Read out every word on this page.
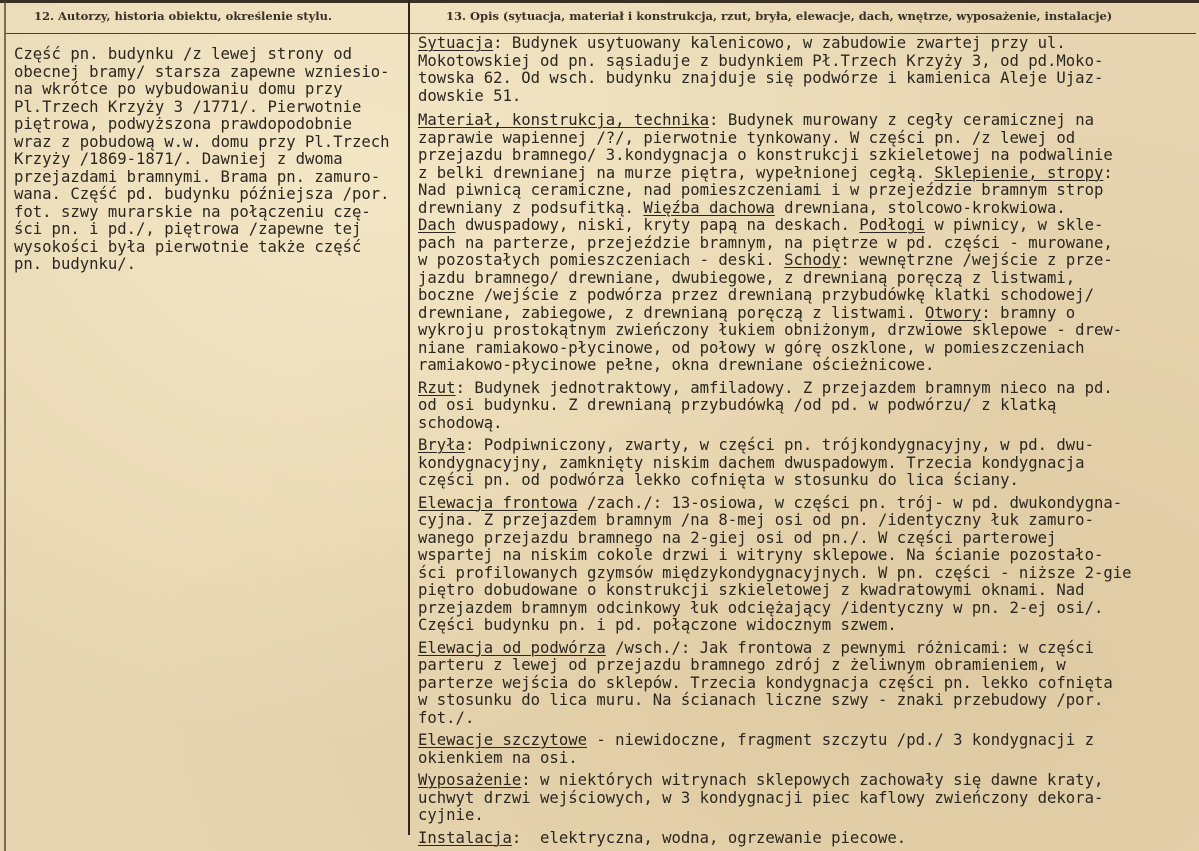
12. Autorzy, historia obiektu, określenie stylu.	13. Opis (sytuacja, materiał i konstrukcja, rzut, bryła, elewacje, dach, wnętrze, wyposażenie, instalacje)
Część pn. budynku /z lewej strony od
obecnej bramy/ starsza zapewne wzniesio-
na wkrótce po wybudowaniu domu przy
Pl.Trzech Krzyży 3 /1771/. Pierwotnie
piętrowa, podwyższona prawdopodobnie
wraz z pobudową w.w. domu przy Pl.Trzech
Krzyży /1869-1871/. Dawniej z dwoma
przejazdami bramnymi. Brama pn. zamuro-
wana. Część pd. budynku późniejsza /por.
fot. szwy murarskie na połączeniu czę-
ści pn. i pd./, piętrowa /zapewne tej
wysokości była pierwotnie także część
pn. budynku/.
Sytuacja: Budynek usytuowany kalenicowo, w zabudowie zwartej przy ul.
Mokotowskiej od pn. sąsiaduje z budynkiem Pł.Trzech Krzyży 3, od pd.Moko-
towska 62. Od wsch. budynku znajduje się podwórze i kamienica Aleje Ujaz-
dowskie 51.
Materiał, konstrukcja, technika: Budynek murowany z cegły ceramicznej na
zaprawie wapiennej /?/, pierwotnie tynkowany. W części pn. /z lewej od
przejazdu bramnego/ 3.kondygnacja o konstrukcji szkieletowej na podwalinie
z belki drewnianej na murze piętra, wypełnionej cegłą. Sklepienie, stropy:
Nad piwnicą ceramiczne, nad pomieszczeniami i w przejeździe bramnym strop
drewniany z podsufitką. Więźba dachowa drewniana, stolcowo-krokwiowa.
Dach dwuspadowy, niski, kryty papą na deskach. Podłogi w piwnicy, w skle-
pach na parterze, przejeździe bramnym, na piętrze w pd. części - murowane,
w pozostałych pomieszczeniach - deski. Schody: wewnętrzne /wejście z prze-
jazdu bramnego/ drewniane, dwubiegowe, z drewnianą poręczą z listwami,
boczne /wejście z podwórza przez drewnianą przybudówkę klatki schodowej/
drewniane, zabiegowe, z drewnianą poręczą z listwami. Otwory: bramny o
wykroju prostokątnym zwieńczony łukiem obniżonym, drzwiowe sklepowe - drew-
niane ramiakowo-płycinowe, od połowy w górę oszklone, w pomieszczeniach
ramiakowo-płycinowe pełne, okna drewniane ościeżnicowe.
Rzut: Budynek jednotraktowy, amfiladowy. Z przejazdem bramnym nieco na pd.
od osi budynku. Z drewnianą przybudówką /od pd. w podwórzu/ z klatką
schodową.
Bryła: Podpiwniczony, zwarty, w części pn. trójkondygnacyjny, w pd. dwu-
kondygnacyjny, zamknięty niskim dachem dwuspadowym. Trzecia kondygnacja
części pn. od podwórza lekko cofnięta w stosunku do lica ściany.
Elewacja frontowa /zach./: 13-osiowa, w części pn. trój- w pd. dwukondygna-
cyjna. Z przejazdem bramnym /na 8-mej osi od pn. /identyczny łuk zamuro-
wanego przejazdu bramnego na 2-giej osi od pn./. W części parterowej
wspartej na niskim cokole drzwi i witryny sklepowe. Na ścianie pozostało-
ści profilowanych gzymsów międzykondygnacyjnych. W pn. części - niższe 2-gie
piętro dobudowane o konstrukcji szkieletowej z kwadratowymi oknami. Nad
przejazdem bramnym odcinkowy łuk odciężający /identyczny w pn. 2-ej osi/.
Części budynku pn. i pd. połączone widocznym szwem.
Elewacja od podwórza /wsch./: Jak frontowa z pewnymi różnicami: w części
parteru z lewej od przejazdu bramnego zdrój z żeliwnym obramieniem, w
parterze wejścia do sklepów. Trzecia kondygnacja części pn. lekko cofnięta
w stosunku do lica muru. Na ścianach liczne szwy - znaki przebudowy /por.
fot./.
Elewacje szczytowe - niewidoczne, fragment szczytu /pd./ 3 kondygnacji z
okienkiem na osi.
Wyposażenie: w niektórych witrynach sklepowych zachowały się dawne kraty,
uchwyt drzwi wejściowych, w 3 kondygnacji piec kaflowy zwieńczony dekora-
cyjnie.
Instalacja:  elektryczna, wodna, ogrzewanie piecowe.
